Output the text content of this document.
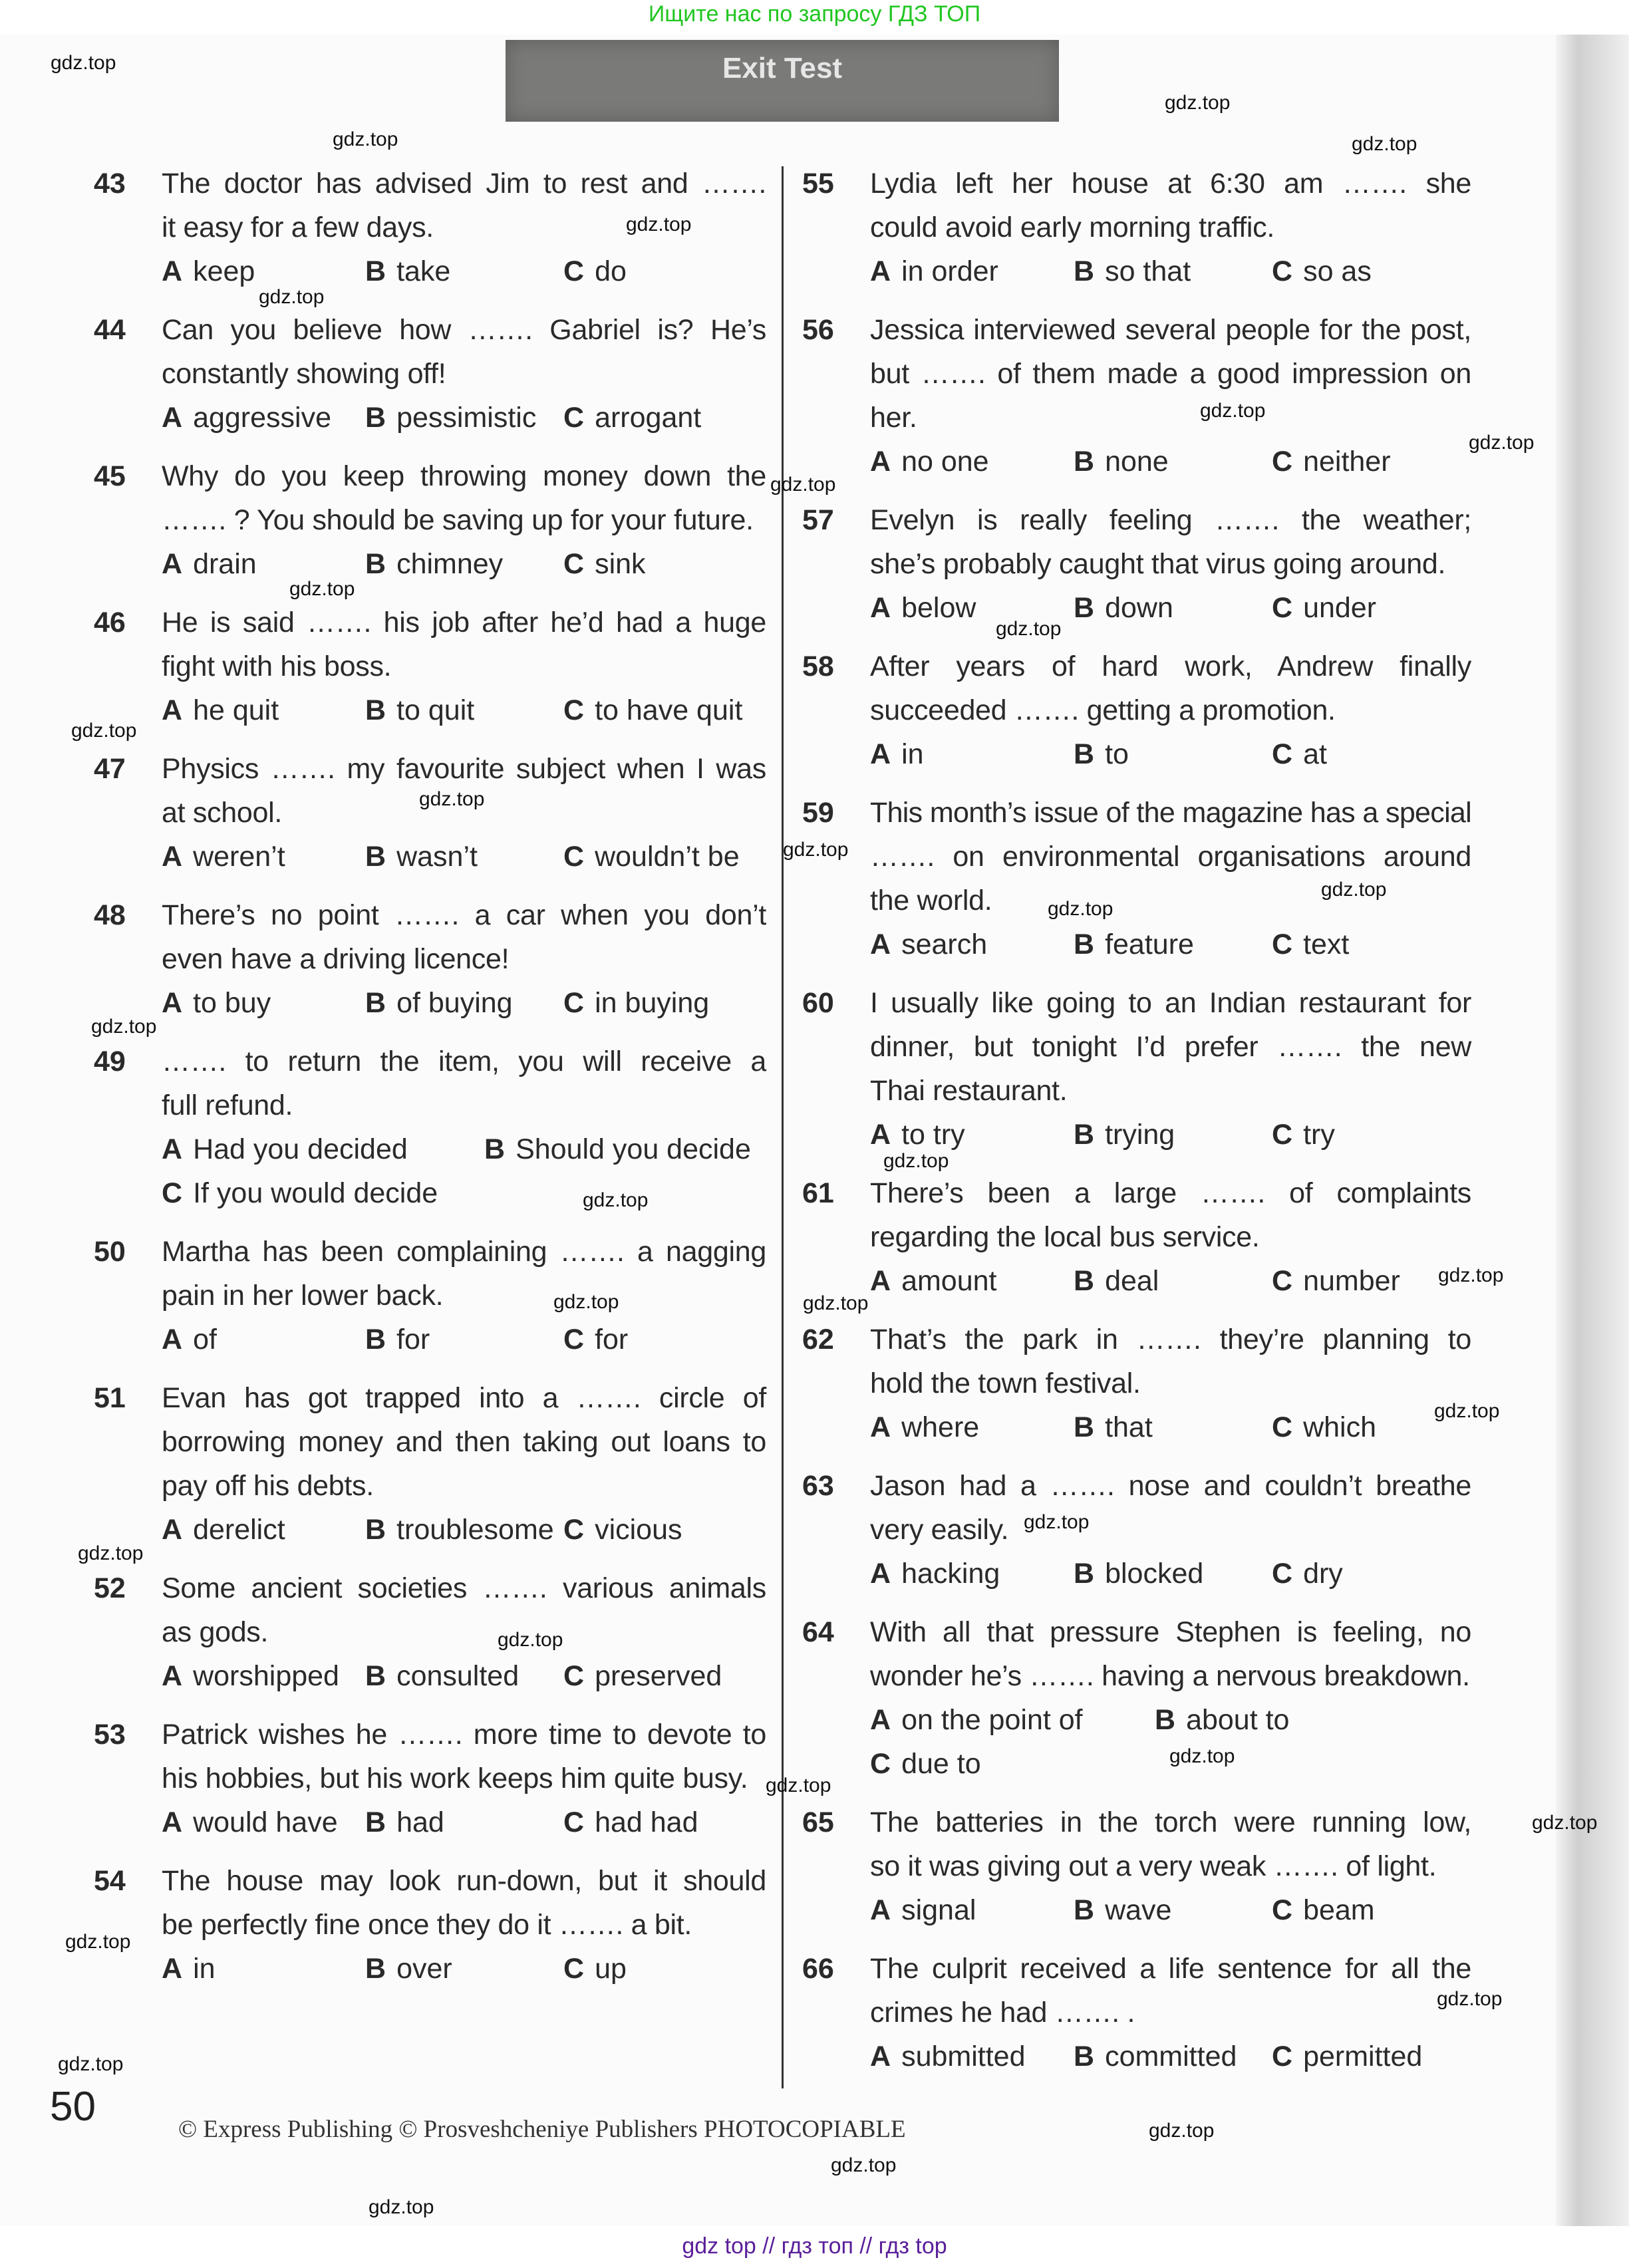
Ищите нас по запросу ГДЗ ТОП
Exit Test
43 The doctor has advised Jim to rest and …….
it easy for a few days.
A keep	B take	C do
44 Can you believe how ……. Gabriel is? He’s
constantly showing off!
A aggressive B pessimistic C arrogant
45 Why do you keep throwing money down the
……. ? You should be saving up for your future.
A drain	B chimney C sink
46 He is said ……. his job after he’d had a huge
fight with his boss.
A he quit	B to quit	C to have quit
47 Physics ……. my favourite subject when I was
at school.
A weren’t	B wasn’t	C wouldn’t be
48 There’s no point ……. a car when you don’t
even have a driving licence!
A to buy	B of buying C in buying
49 ……. to return the item, you will receive a
full refund.
A Had you decided	B Should you decide
C If you would decide
50 Martha has been complaining ……. a nagging
pain in her lower back.
A of	B for	C for
51 Evan has got trapped into a ……. circle of
borrowing money and then taking out loans to
pay off his debts.
A derelict	B troublesome C vicious
52 Some ancient societies ……. various animals
as gods.
A worshipped B consulted C preserved
53 Patrick wishes he ……. more time to devote to
his hobbies, but his work keeps him quite busy.
A would have B had	C had had
54 The house may look run-down, but it should
be perfectly fine once they do it ……. a bit.
A in	B over	C up
55 Lydia left her house at 6:30 am ……. she
could avoid early morning traffic.
A in order	B so that	C so as
56 Jessica interviewed several people for the post,
but ……. of them made a good impression on
her.
A no one	B none	C neither
57 Evelyn is really feeling ……. the weather;
she’s probably caught that virus going around.
A below	B down	C under
58 After years of hard work, Andrew finally
succeeded ……. getting a promotion.
A in	B to	C at
59 This month’s issue of the magazine has a special
……. on environmental organisations around
the world.
A search	B feature	C text
60 I usually like going to an Indian restaurant for
dinner, but tonight I’d prefer ……. the new
Thai restaurant.
A to try	B trying	C try
61 There’s been a large ……. of complaints
regarding the local bus service.
A amount	B deal	C number
62 That’s the park in ……. they’re planning to
hold the town festival.
A where	B that	C which
63 Jason had a ……. nose and couldn’t breathe
very easily.
A hacking	B blocked C dry
64 With all that pressure Stephen is feeling, no
wonder he’s ……. having a nervous breakdown.
A on the point of	B about to
C due to
65 The batteries in the torch were running low,
so it was giving out a very weak ……. of light.
A signal	B wave	C beam
66 The culprit received a life sentence for all the
crimes he had ……. .
A submitted B committed C permitted
gdz.top
gdz.top
gdz.top
gdz.top
gdz.top
gdz.top
gdz.top
gdz.top
gdz.top
gdz.top
gdz.top
gdz.top
gdz.top
gdz.top
gdz.top
gdz.top
gdz.top
gdz.top
gdz.top
gdz.top
gdz.top
gdz.top
gdz.top
gdz.top
gdz.top
gdz.top
gdz.top
gdz.top
gdz.top
gdz.top
gdz.top
gdz.top
gdz.top
gdz.top
gdz.top
50	© Express Publishing © Prosveshcheniye Publishers PHOTOCOPIABLE
gdz top // гдз топ // гдз top
